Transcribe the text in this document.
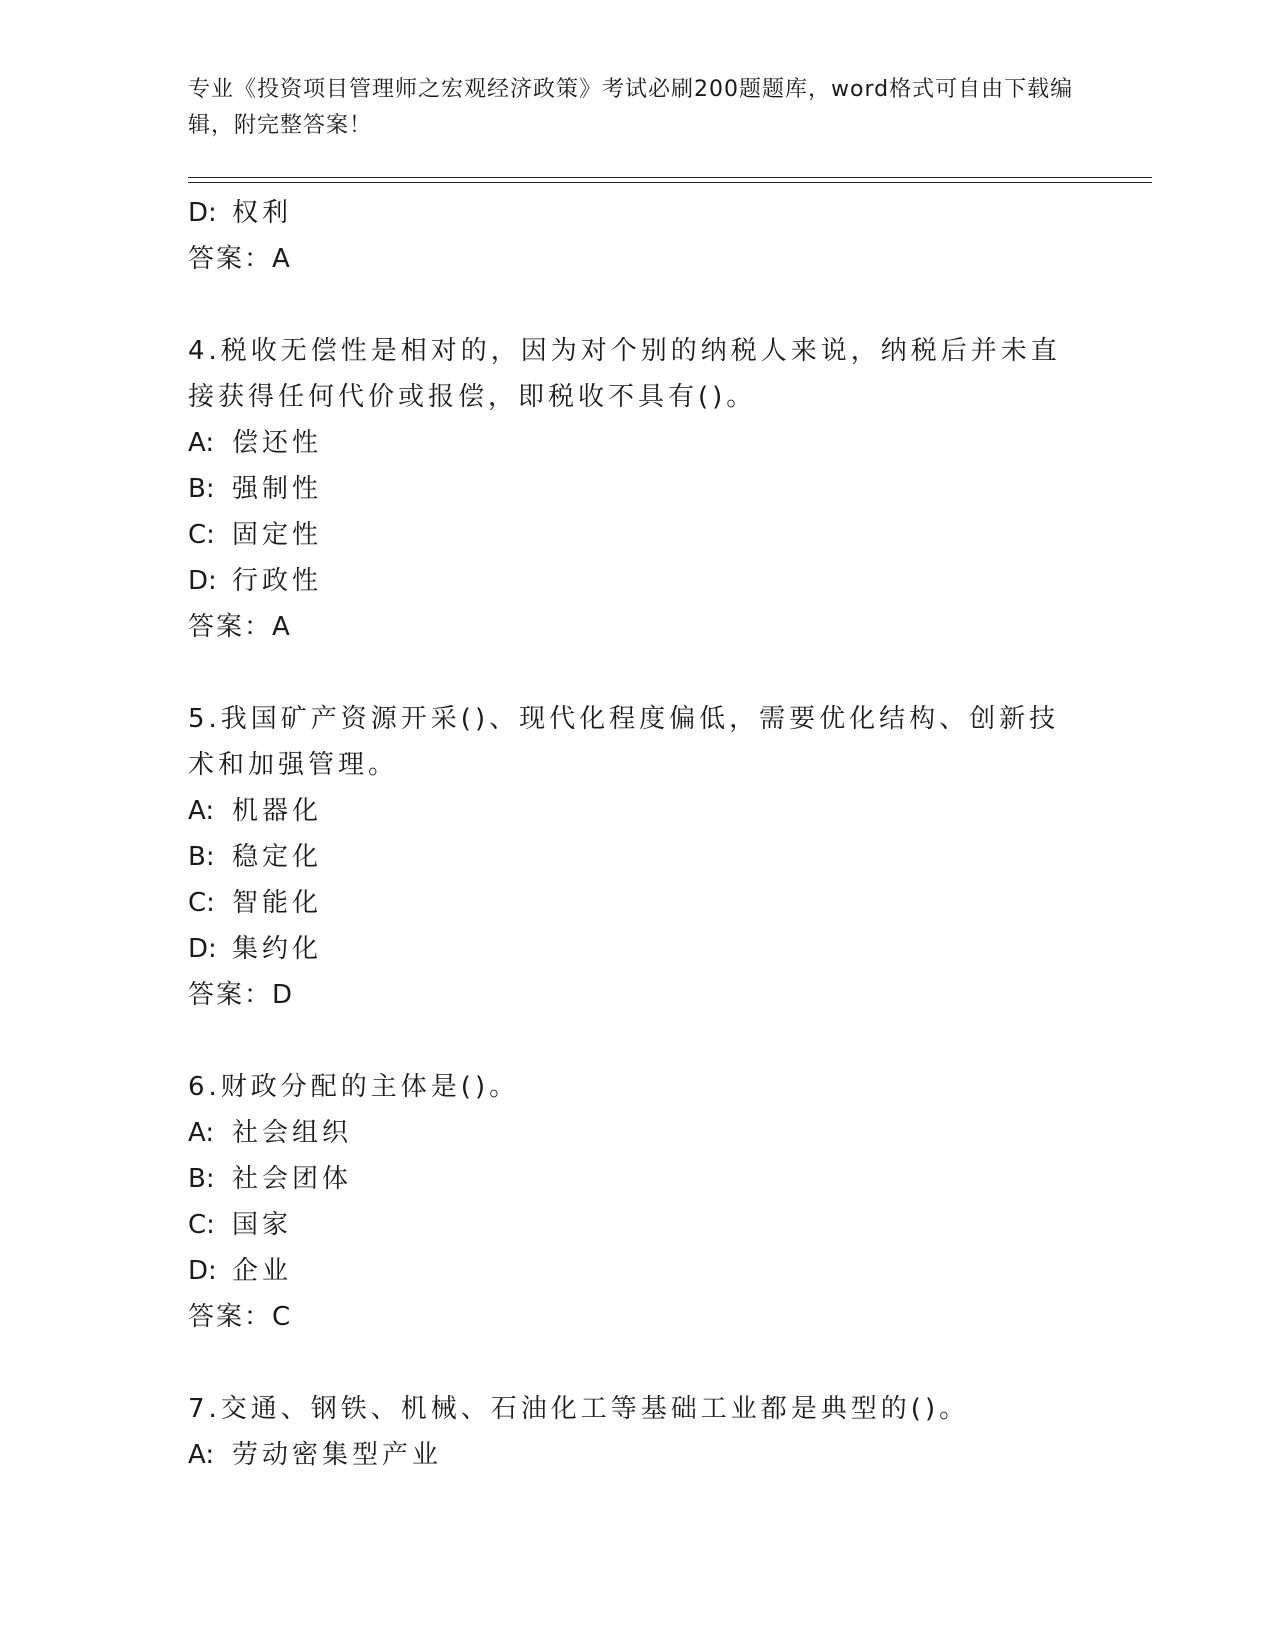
专业《投资项目管理师之宏观经济政策》考试必刷200题题库，word格式可自由下载编辑，附完整答案！
D: 权利
答案：A
4.税收无偿性是相对的，因为对个别的纳税人来说，纳税后并未直接获得任何代价或报偿，即税收不具有()。
A: 偿还性
B: 强制性
C: 固定性
D: 行政性
答案：A
5.我国矿产资源开采()、现代化程度偏低，需要优化结构、创新技术和加强管理。
A: 机器化
B: 稳定化
C: 智能化
D: 集约化
答案：D
6.财政分配的主体是()。
A: 社会组织
B: 社会团体
C: 国家
D: 企业
答案：C
7.交通、钢铁、机械、石油化工等基础工业都是典型的()。
A: 劳动密集型产业
